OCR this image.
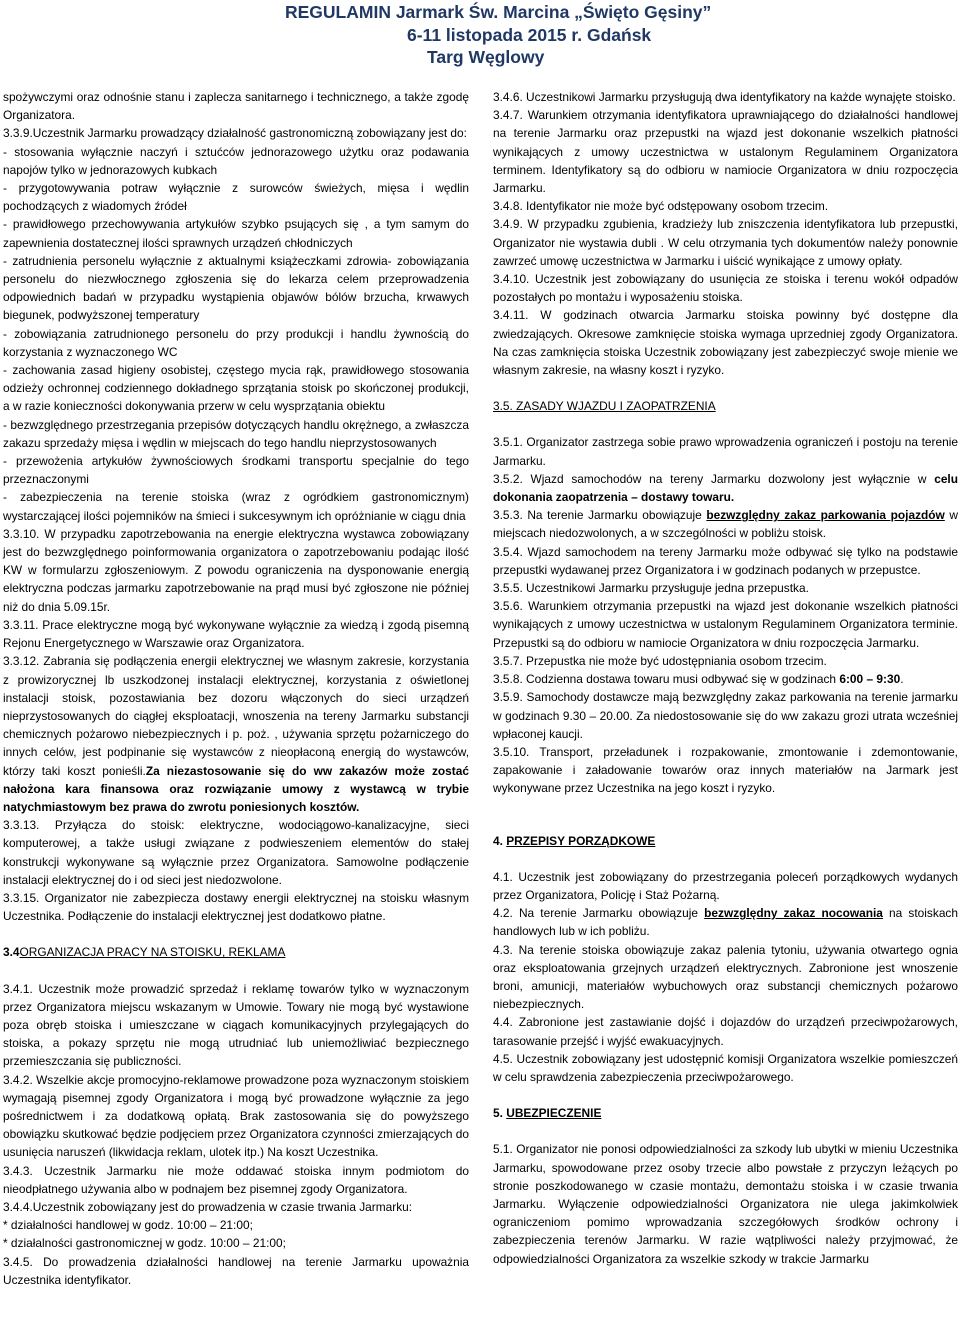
REGULAMIN Jarmark Św. Marcina „Święto Gęsiny”
6-11 listopada 2015 r. Gdańsk
Targ Węglowy

spożywczymi oraz odnośnie stanu i zaplecza sanitarnego i technicznego, a także zgodę Organizatora.

3.3.9.Uczestnik Jarmarku prowadzący działalność gastronomiczną zobowiązany jest do:

- stosowania wyłącznie naczyń i sztućców jednorazowego użytku oraz podawania napojów tylko w jednorazowych kubkach

- przygotowywania potraw wyłącznie z surowców świeżych, mięsa i wędlin pochodzących z wiadomych źródeł

- prawidłowego przechowywania artykułów szybko psujących się , a tym samym do zapewnienia dostatecznej ilości sprawnych urządzeń chłodniczych

- zatrudnienia personelu wyłącznie z aktualnymi książeczkami zdrowia- zobowiązania personelu do niezwłocznego zgłoszenia się do lekarza celem przeprowadzenia odpowiednich badań w przypadku wystąpienia objawów bólów brzucha, krwawych biegunek, podwyższonej temperatury

- zobowiązania zatrudnionego personelu do przy produkcji i handlu żywnością do korzystania z wyznaczonego WC

- zachowania zasad higieny osobistej, częstego mycia rąk, prawidłowego stosowania odzieży ochronnej codziennego dokładnego sprzątania stoisk po skończonej produkcji, a w razie konieczności dokonywania przerw w celu wysprzątania obiektu

- bezwzględnego przestrzegania przepisów dotyczących handlu okrężnego, a zwłaszcza zakazu sprzedaży mięsa i wędlin w miejscach do tego handlu nieprzystosowanych

- przewożenia artykułów żywnościowych środkami transportu specjalnie do tego przeznaczonymi

- zabezpieczenia na terenie stoiska (wraz z ogródkiem gastronomicznym) wystarczającej ilości pojemników na śmieci i sukcesywnym ich opróżnianie w ciągu dnia

3.3.10. W przypadku zapotrzebowania na energie elektryczna wystawca zobowiązany jest do bezwzględnego poinformowania organizatora o zapotrzebowaniu podając ilość KW w formularzu zgłoszeniowym. Z powodu ograniczenia na dysponowanie energią elektryczna podczas jarmarku zapotrzebowanie na prąd musi być zgłoszone nie później niż do dnia 5.09.15r.

3.3.11. Prace elektryczne mogą być wykonywane wyłącznie za wiedzą i zgodą pisemną Rejonu Energetycznego w Warszawie oraz Organizatora.

3.3.12. Zabrania się podłączenia energii elektrycznej we własnym zakresie, korzystania z prowizorycznej lb uszkodzonej instalacji elektrycznej, korzystania z oświetlonej instalacji stoisk, pozostawiania bez dozoru włączonych do sieci urządzeń nieprzystosowanych do ciągłej eksploatacji, wnoszenia na tereny Jarmarku substancji chemicznych pożarowo niebezpiecznych i p. poż. , używania sprzętu pożarniczego do innych celów, jest podpinanie się wystawców z nieopłaconą energią do wystawców, którzy taki koszt ponieśli.Za niezastosowanie się do ww zakazów może zostać nałożona kara finansowa oraz rozwiązanie umowy z wystawcą w trybie natychmiastowym bez prawa do zwrotu poniesionych kosztów.

3.3.13. Przyłącza do stoisk: elektryczne, wodociągowo-kanalizacyjne, sieci komputerowej, a także usługi związane z podwieszeniem elementów do stałej konstrukcji wykonywane są wyłącznie przez Organizatora. Samowolne podłączenie instalacji elektrycznej do i od sieci jest niedozwolone.

3.3.15. Organizator nie zabezpiecza dostawy energii elektrycznej na stoisku własnym Uczestnika. Podłączenie do instalacji elektrycznej jest dodatkowo płatne.

3.4ORGANIZACJA PRACY NA STOISKU, REKLAMA

3.4.1. Uczestnik może prowadzić sprzedaż i reklamę towarów tylko w wyznaczonym przez Organizatora miejscu wskazanym w Umowie. Towary nie mogą być wystawione poza obręb stoiska i umieszczane w ciągach komunikacyjnych przylegających do stoiska, a pokazy sprzętu nie mogą utrudniać lub uniemożliwiać bezpiecznego przemieszczania się publiczności.

3.4.2. Wszelkie akcje promocyjno-reklamowe prowadzone poza wyznaczonym stoiskiem wymagają pisemnej zgody Organizatora i mogą być prowadzone wyłącznie za jego pośrednictwem i za dodatkową opłatą. Brak zastosowania się do powyższego obowiązku skutkować będzie podjęciem przez Organizatora czynności zmierzających do usunięcia naruszeń (likwidacja reklam, ulotek itp.) Na koszt Uczestnika.

3.4.3. Uczestnik Jarmarku nie może oddawać stoiska innym podmiotom do nieodpłatnego używania albo w podnajem bez pisemnej zgody Organizatora.

3.4.4.Uczestnik zobowiązany jest do prowadzenia w czasie trwania Jarmarku:

* działalności handlowej w godz. 10:00 – 21:00;

* działalności gastronomicznej w godz. 10:00 – 21:00;

3.4.5. Do prowadzenia działalności handlowej na terenie Jarmarku upoważnia Uczestnika identyfikator.

3.4.6. Uczestnikowi Jarmarku przysługują dwa identyfikatory na każde wynajęte stoisko.

3.4.7. Warunkiem otrzymania identyfikatora uprawniającego do działalności handlowej na terenie Jarmarku oraz przepustki na wjazd jest dokonanie wszelkich płatności wynikających z umowy uczestnictwa w ustalonym Regulaminem Organizatora terminem. Identyfikatory są do odbioru w namiocie Organizatora w dniu rozpoczęcia Jarmarku.

3.4.8. Identyfikator nie może być odstępowany osobom trzecim.

3.4.9. W przypadku zgubienia, kradzieży lub zniszczenia identyfikatora lub przepustki, Organizator nie wystawia dubli . W celu otrzymania tych dokumentów należy ponownie zawrzeć umowę uczestnictwa w Jarmarku i uiścić wynikające z umowy opłaty.

3.4.10. Uczestnik jest zobowiązany do usunięcia ze stoiska i terenu wokół odpadów pozostałych po montażu i wyposażeniu stoiska.

3.4.11. W godzinach otwarcia Jarmarku stoiska powinny być dostępne dla zwiedzających. Okresowe zamknięcie stoiska wymaga uprzedniej zgody Organizatora. Na czas zamknięcia stoiska Uczestnik zobowiązany jest zabezpieczyć swoje mienie we własnym zakresie, na własny koszt i ryzyko.

3.5. ZASADY WJAZDU I ZAOPATRZENIA

3.5.1. Organizator zastrzega sobie prawo wprowadzenia ograniczeń i postoju na terenie Jarmarku.

3.5.2. Wjazd samochodów na tereny Jarmarku dozwolony jest wyłącznie w celu dokonania zaopatrzenia – dostawy towaru.

3.5.3. Na terenie Jarmarku obowiązuje bezwzględny zakaz parkowania pojazdów w miejscach niedozwolonych, a w szczególności w pobliżu stoisk.

3.5.4. Wjazd samochodem na tereny Jarmarku może odbywać się tylko na podstawie przepustki wydawanej przez Organizatora i w godzinach podanych w przepustce.

3.5.5. Uczestnikowi Jarmarku przysługuje jedna przepustka.

3.5.6. Warunkiem otrzymania przepustki na wjazd jest dokonanie wszelkich płatności wynikających z umowy uczestnictwa w ustalonym Regulaminem Organizatora terminie. Przepustki są do odbioru w namiocie Organizatora w dniu rozpoczęcia Jarmarku.

3.5.7. Przepustka nie może być udostępniania osobom trzecim.

3.5.8. Codzienna dostawa towaru musi odbywać się w godzinach 6:00 – 9:30.

3.5.9. Samochody dostawcze mają bezwzględny zakaz parkowania na terenie jarmarku w godzinach 9.30 – 20.00. Za niedostosowanie się do ww zakazu grozi utrata wcześniej wpłaconej kaucji.

3.5.10. Transport, przeładunek i rozpakowanie, zmontowanie i zdemontowanie, zapakowanie i załadowanie towarów oraz innych materiałów na Jarmark jest wykonywane przez Uczestnika na jego koszt i ryzyko.

4. PRZEPISY PORZĄDKOWE

4.1. Uczestnik jest zobowiązany do przestrzegania poleceń porządkowych wydanych przez Organizatora, Policję i Staż Pożarną.

4.2. Na terenie Jarmarku obowiązuje bezwzględny zakaz nocowania na stoiskach handlowych lub w ich pobliżu.

4.3. Na terenie stoiska obowiązuje zakaz palenia tytoniu, używania otwartego ognia oraz eksploatowania grzejnych urządzeń elektrycznych. Zabronione jest wnoszenie broni, amunicji, materiałów wybuchowych oraz substancji chemicznych pożarowo niebezpiecznych.

4.4. Zabronione jest zastawianie dojść i dojazdów do urządzeń przeciwpożarowych, tarasowanie przejść i wyjść ewakuacyjnych.

4.5. Uczestnik zobowiązany jest udostępnić komisji Organizatora wszelkie pomieszczeń w celu sprawdzenia zabezpieczenia przeciwpożarowego.

5. UBEZPIECZENIE

5.1. Organizator nie ponosi odpowiedzialności za szkody lub ubytki w mieniu Uczestnika Jarmarku, spowodowane przez osoby trzecie albo powstałe z przyczyn leżących po stronie poszkodowanego w czasie montażu, demontażu stoiska i w czasie trwania Jarmarku. Wyłączenie odpowiedzialności Organizatora nie ulega jakimkolwiek ograniczeniom pomimo wprowadzania szczegółowych środków ochrony i zabezpieczenia terenów Jarmarku. W razie wątpliwości należy przyjmować, że odpowiedzialności Organizatora za wszelkie szkody w trakcie Jarmarku
